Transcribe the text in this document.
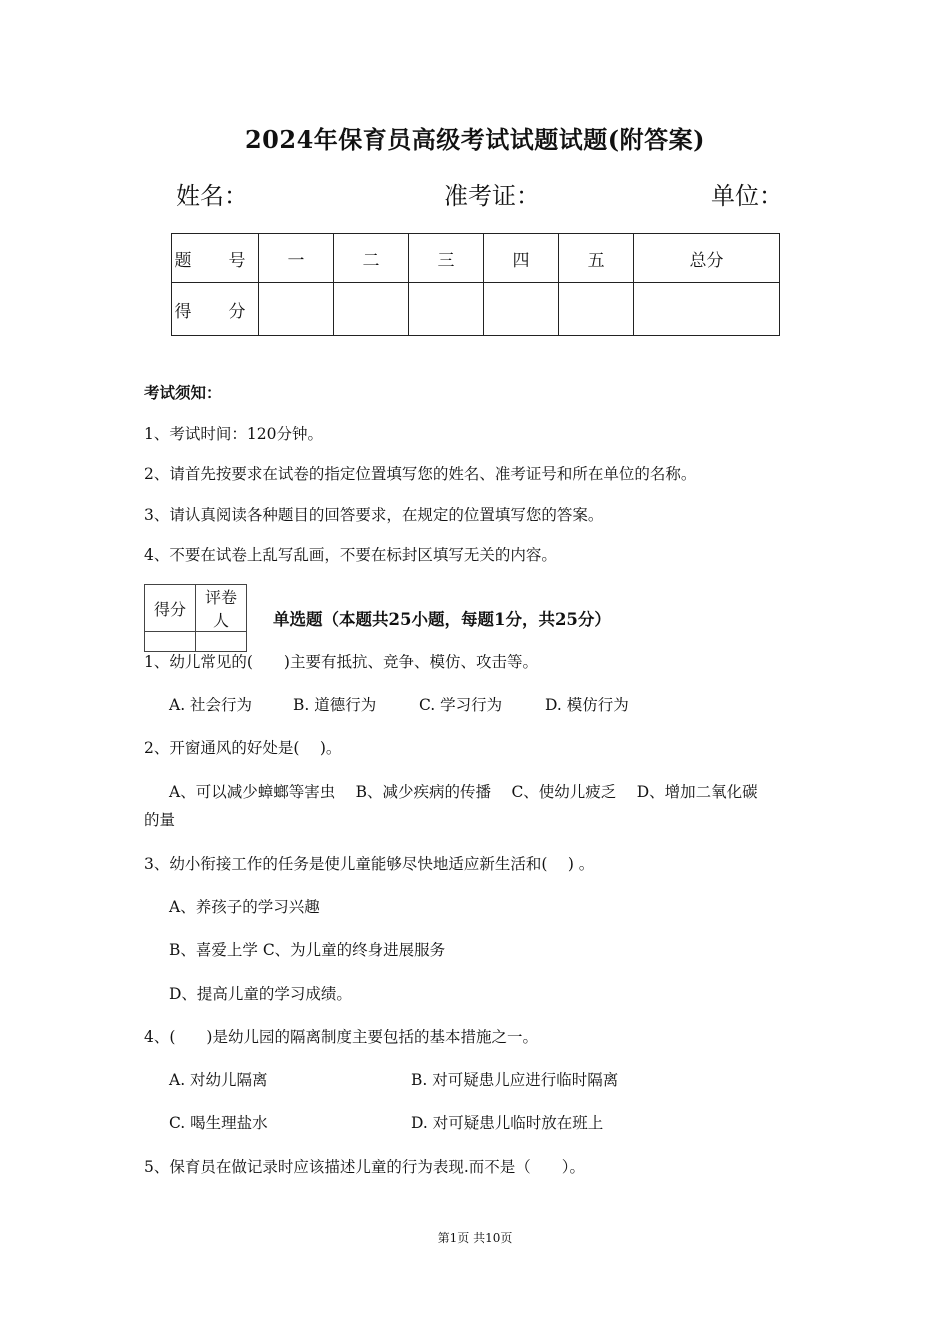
2024年保育员高级考试试题试题(附答案)
姓名：	准考证：	单位：
题　号	一	二	三	四	五	总分
得　分						
考试须知：
1、考试时间：120分钟。
2、请首先按要求在试卷的指定位置填写您的姓名、准考证号和所在单位的名称。
3、请认真阅读各种题目的回答要求，在规定的位置填写您的答案。
4、不要在试卷上乱写乱画，不要在标封区填写无关的内容。
得分	评卷人
		单选题（本题共25小题，每题1分，共25分）
1、幼儿常见的(　　)主要有抵抗、竞争、模仿、攻击等。
A. 社会行为	B. 道德行为	C. 学习行为	D. 模仿行为
2、开窗通风的好处是(　 )。
A、可以减少蟑螂等害虫　 B、减少疾病的传播　 C、使幼儿疲乏　 D、增加二氧化碳
的量
3、幼小衔接工作的任务是使儿童能够尽快地适应新生活和(　 ) 。
A、养孩子的学习兴趣
B、喜爱上学 C、为儿童的终身进展服务
D、提高儿童的学习成绩。
4、(　　)是幼儿园的隔离制度主要包括的基本措施之一。
A. 对幼儿隔离	B. 对可疑患儿应进行临时隔离
C. 喝生理盐水	D. 对可疑患儿临时放在班上
5、保育员在做记录时应该描述儿童的行为表现.而不是（　　）。
第1页 共10页
